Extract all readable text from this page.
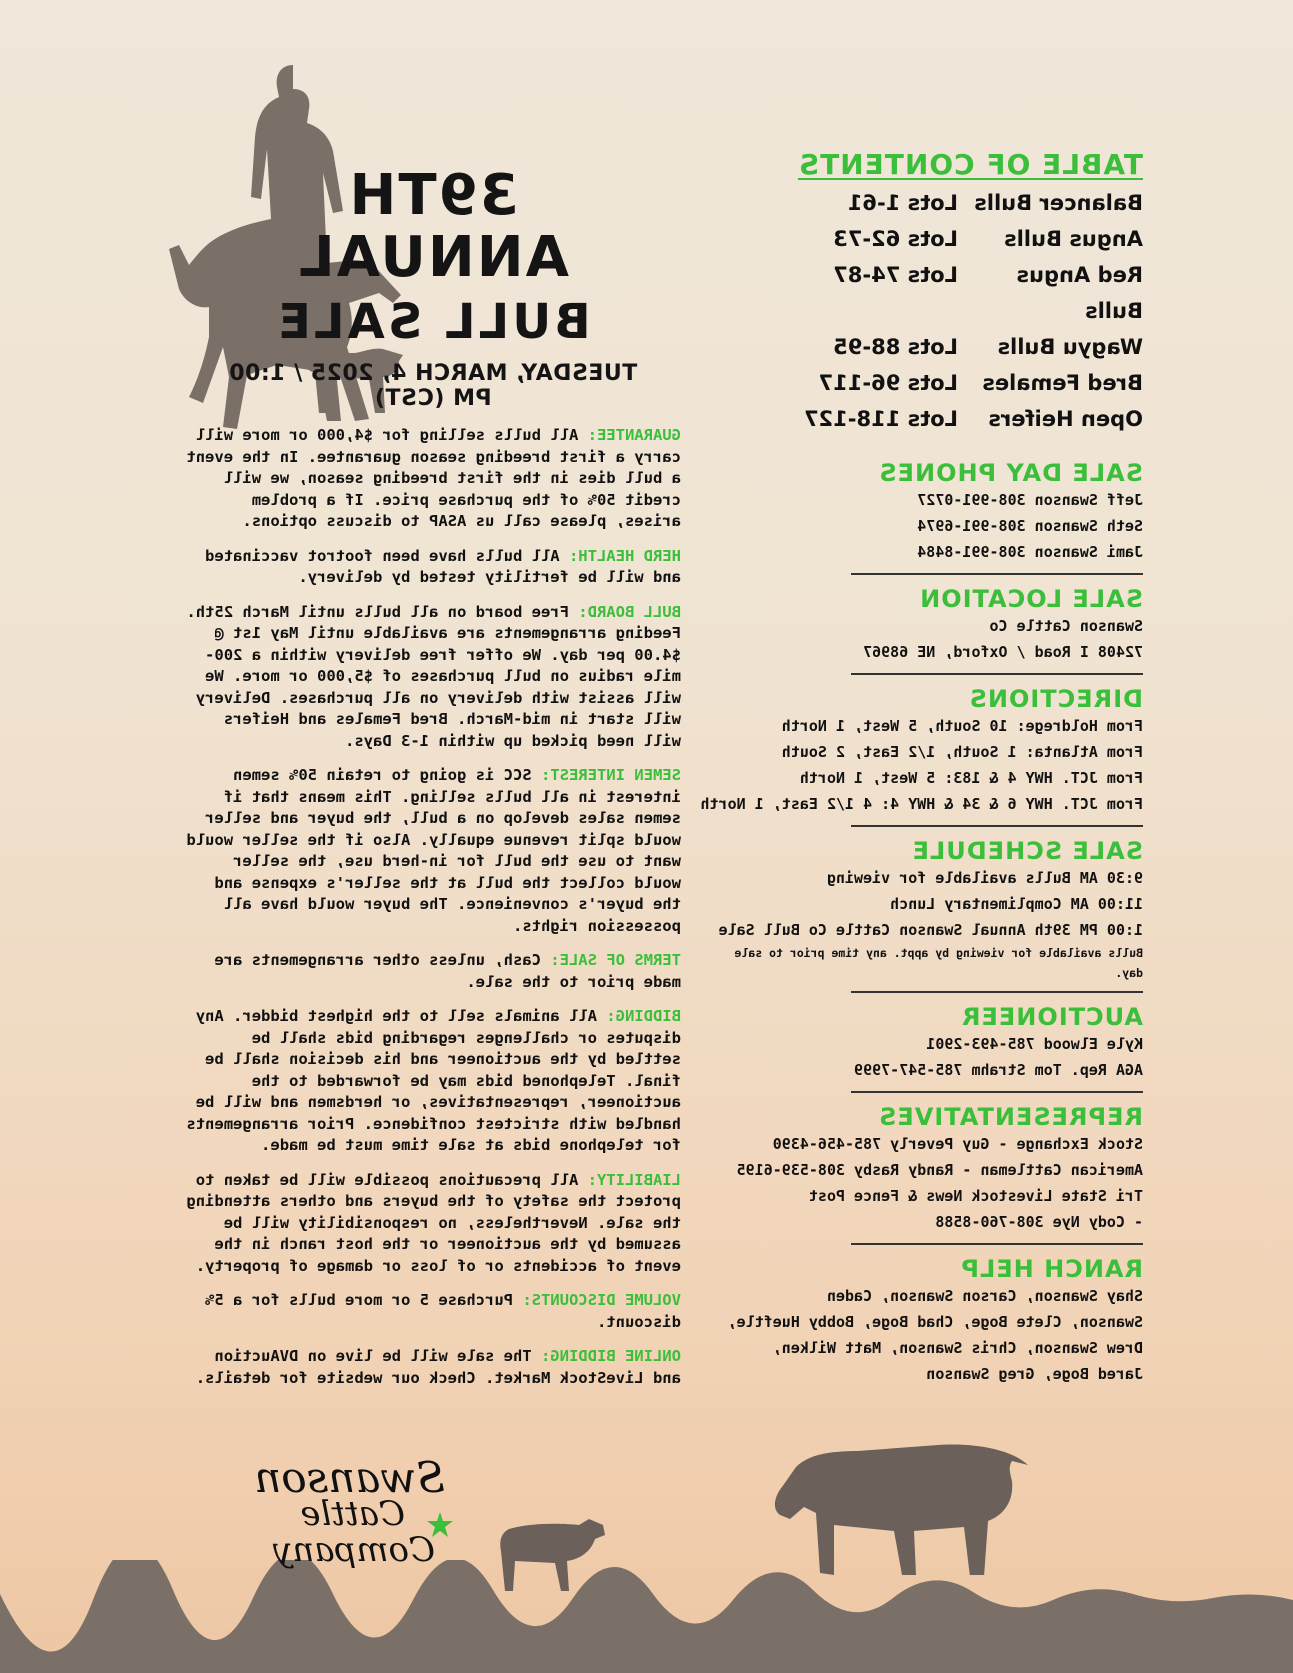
39TH ANNUAL
BULL SALE
TUESDAY, MARCH 4, 2025 / 1:00 PM (CST)
TABLE OF CONTENTS
Balancer Bulls
Lots 1-61
Angus Bulls
Lots 62-73
Red Angus Bulls
Lots 74-87
Wagyu Bulls
Lots 88-95
Bred Females
Lots 96-117
Open Heifers
Lots 118-127
SALE DAY PHONES
Jeff Swanson 308-991-0727
Seth Swanson 308-991-6974
Jami Swanson 308-991-8484
SALE LOCATION
Swanson Cattle Co
72408 I Road / Oxford, NE 68967
DIRECTIONS
From Holdrege: 10 South, 5 West, 1 North
From Atlanta: 1 South, 1/2 East, 2 South
From JCT. HWY 4 & 183: 5 West, 1 North
From JCT. HWY 6 & 34 & HWY 4: 4 1/2 East, 1 North
SALE SCHEDULE
9:30 AM Bulls available for viewing
11:00 AM Complimentary Lunch
1:00 PM 39th Annual Swanson Cattle Co Bull Sale
Bulls available for viewing by appt. any time prior to sale day.
AUCTIONEER
Kyle Elwood 785-493-2901
AGA Rep. Tom Strahm 785-547-7999
REPRESENTATIVES
Stock Exchange - Guy Peverly 785-456-4390
American Cattleman - Randy Rasby 308-539-6195
Tri State Livestock News & Fence Post
- Cody Nye 308-760-8588
RANCH HELP
Shay Swanson, Carson Swanson, Caden
Swanson, Clete Boge, Chad Boge, Bobby Hueftle,
Drew Swanson, Chris Swanson, Matt Wilken,
Jared Boge, Greg Swanson
GUARANTEE: All bulls selling for $4,000 or more will carry a first breeding season guarantee. In the event a bull dies in the first breeding season, we will credit 50% of the purchase price. If a problem arises, please call us ASAP to discuss options.
HERD HEALTH: All bulls have been footrot vaccinated and will be fertility tested by delivery.
BULL BOARD: Free board on all bulls until March 25th. Feeding arrangements are available until May 1st @ $4.00 per day. We offer free delivery within a 200-mile radius on bull purchases of $5,000 or more. We will assist with delivery on all purchases. Delivery will start in mid-March. Bred Females and Heifers will need picked up within 1-3 Days.
SEMEN INTEREST: SCC is going to retain 50% semen interest in all bulls selling. This means that if semen sales develop on a bull, the buyer and seller would split revenue equally. Also if the seller would want to use the bull for in-herd use, the seller would collect the bull at the seller's expense and the buyer's convenience. The buyer would have all possession rights.
TERMS OF SALE: Cash, unless other arrangements are made prior to the sale.
BIDDING: All animals sell to the highest bidder. Any disputes or challenges regarding bids shall be settled by the auctioneer and his decision shall be final. Telephoned bids may be forwarded to the auctioneer, representatives, or herdsmen and will be handled with strictest confidence. Prior arrangements for telephone bids at sale time must be made.
LIABILITY: All precautions possible will be taken to protect the safety of the buyers and others attending the sale. Nevertheless, no responsibility will be assumed by the auctioneer or the host ranch in the event of accidents or of loss or damage of property.
VOLUME DISCOUNTS: Purchase 5 or more bulls for a 5% discount.
ONLINE BIDDING: The sale will be live on DVAuction and LiveStock Market. Check our website for details.
Swanson
Cattle
Company
